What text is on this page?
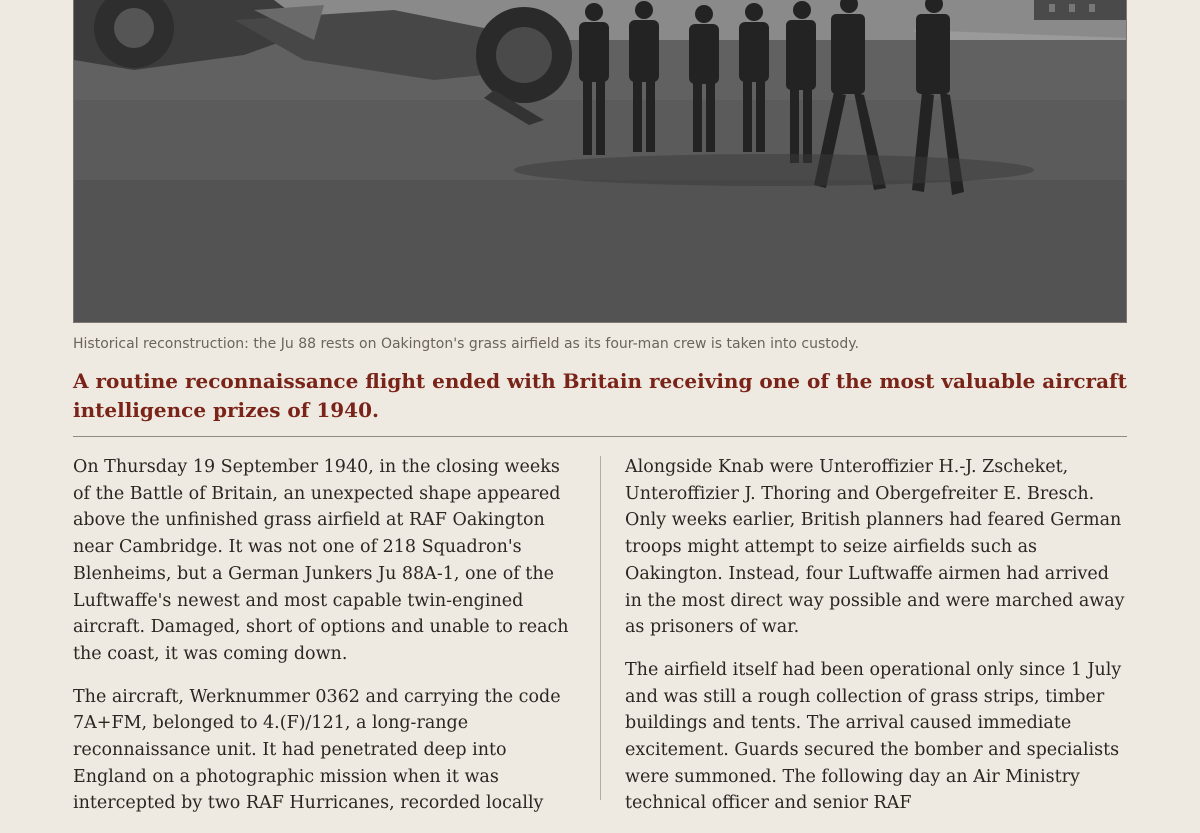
Historical reconstruction: the Ju 88 rests on Oakington's grass airfield as its four-man crew is taken into custody.
A routine reconnaissance flight ended with Britain receiving one of the most valuable aircraft intelligence prizes of 1940.

On Thursday 19 September 1940, in the closing weeks of the Battle of Britain, an unexpected shape appeared above the unfinished grass airfield at RAF Oakington near Cambridge. It was not one of 218 Squadron's Blenheims, but a German Junkers Ju 88A-1, one of the Luftwaffe's newest and most capable twin-engined aircraft. Damaged, short of options and unable to reach the coast, it was coming down.

The aircraft, Werknummer 0362 and carrying the code 7A+FM, belonged to 4.(F)/121, a long-range reconnaissance unit. It had penetrated deep into England on a photographic mission when it was intercepted by two RAF Hurricanes, recorded locally

Alongside Knab were Unteroffizier H.-J. Zscheket, Unteroffizier J. Thoring and Obergefreiter E. Bresch. Only weeks earlier, British planners had feared German troops might attempt to seize airfields such as Oakington. Instead, four Luftwaffe airmen had arrived in the most direct way possible and were marched away as prisoners of war.

The airfield itself had been operational only since 1 July and was still a rough collection of grass strips, timber buildings and tents. The arrival caused immediate excitement. Guards secured the bomber and specialists were summoned. The following day an Air Ministry technical officer and senior RAF
